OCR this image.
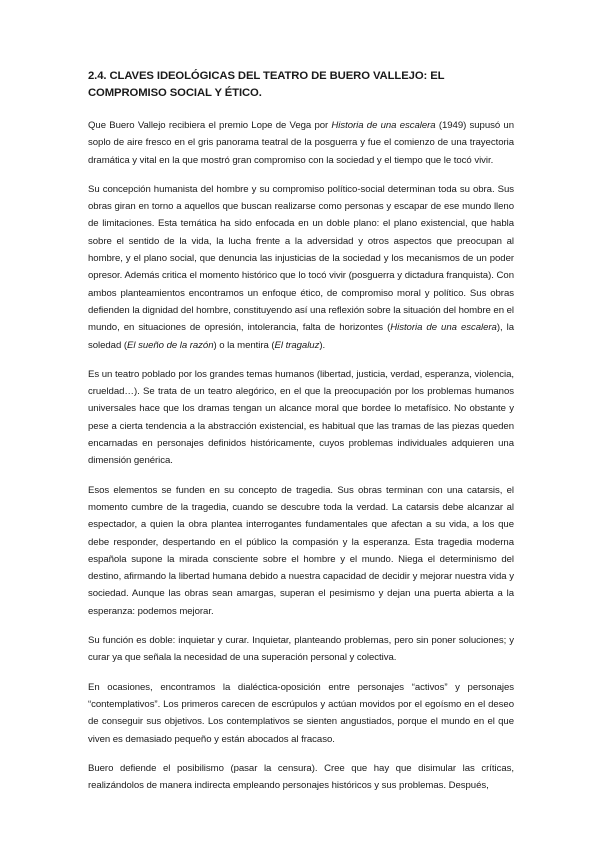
2.4. CLAVES IDEOLÓGICAS DEL TEATRO DE BUERO VALLEJO: EL COMPROMISO SOCIAL Y ÉTICO.

Que Buero Vallejo recibiera el premio Lope de Vega por Historia de una escalera (1949) supusó un soplo de aire fresco en el gris panorama teatral de la posguerra y fue el comienzo de una trayectoria dramática y vital en la que mostró gran compromiso con la sociedad y el tiempo que le tocó vivir.

Su concepción humanista del hombre y su compromiso político-social determinan toda su obra. Sus obras giran en torno a aquellos que buscan realizarse como personas y escapar de ese mundo lleno de limitaciones. Esta temática ha sido enfocada en un doble plano: el plano existencial, que habla sobre el sentido de la vida, la lucha frente a la adversidad y otros aspectos que preocupan al hombre, y el plano social, que denuncia las injusticias de la sociedad y los mecanismos de un poder opresor. Además critica el momento histórico que lo tocó vivir (posguerra y dictadura franquista). Con ambos planteamientos encontramos un enfoque ético, de compromiso moral y político. Sus obras defienden la dignidad del hombre, constituyendo así una reflexión sobre la situación del hombre en el mundo, en situaciones de opresión, intolerancia, falta de horizontes (Historia de una escalera), la soledad (El sueño de la razón) o la mentira (El tragaluz).

Es un teatro poblado por los grandes temas humanos (libertad, justicia, verdad, esperanza, violencia, crueldad…). Se trata de un teatro alegórico, en el que la preocupación por los problemas humanos universales hace que los dramas tengan un alcance moral que bordee lo metafísico. No obstante y pese a cierta tendencia a la abstracción existencial, es habitual que las tramas de las piezas queden encarnadas en personajes definidos históricamente, cuyos problemas individuales adquieren una dimensión genérica.

Esos elementos se funden en su concepto de tragedia. Sus obras terminan con una catarsis, el momento cumbre de la tragedia, cuando se descubre toda la verdad. La catarsis debe alcanzar al espectador, a quien la obra plantea interrogantes fundamentales que afectan a su vida, a los que debe responder, despertando en el público la compasión y la esperanza. Esta tragedia moderna española supone la mirada consciente sobre el hombre y el mundo. Niega el determinismo del destino, afirmando la libertad humana debido a nuestra capacidad de decidir y mejorar nuestra vida y sociedad. Aunque las obras sean amargas, superan el pesimismo y dejan una puerta abierta a la esperanza: podemos mejorar.

Su función es doble: inquietar y curar. Inquietar, planteando problemas, pero sin poner soluciones; y curar ya que señala la necesidad de una superación personal y colectiva.

En ocasiones, encontramos la dialéctica-oposición entre personajes “activos” y personajes “contemplativos”. Los primeros carecen de escrúpulos y actúan movidos por el egoísmo en el deseo de conseguir sus objetivos. Los contemplativos se sienten angustiados, porque el mundo en el que viven es demasiado pequeño y están abocados al fracaso.

Buero defiende el posibilismo (pasar la censura). Cree que hay que disimular las críticas, realizándolos de manera indirecta empleando personajes históricos y sus problemas. Después,
